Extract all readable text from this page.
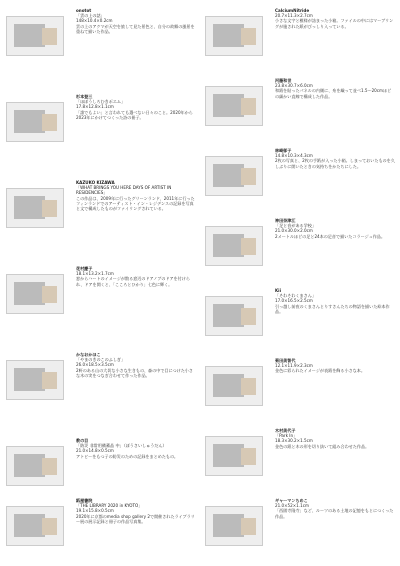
onotot
「雲の上の話」
148×10.4×0.2cm
雲の上のアクマが天空を旅して見た景色と、自分の故郷の風景を重ねて描いた作品。
杉本登三
「ほぼうしろむきポエム」
17.8×12.8×1.1cm
「誰でもよい」と言われても選べない日々のこと。2020年から2023年にかけてつくった詩の冊子。
KAZUKO KIZAWA
「WHAT BRINGS YOU HERE DAYS OF ARTIST IN RESIDENCIES」
この作品は、2009年に行ったグリーンランド、2011年に行ったフィンランドでのアーティスト・イン・レジデンスの記録を写真と文で構成したものがファイリングされている。
花村慶子
18.1×13.2×1.7cm
窓からハートのイメージが散る窓辺のドアノブのドアを付けられ、ドアを開くと、「こころとひかり」七色に輝く。
かなおかほこ
「やまのきのこのふしぎ」
26.0×18.5×3.5cm
2軒のある山の大切な小さな生きもの、森の中で目につけた小さな木の実をつなぎ合わせて作った作品。
教の目
「防災 非常用備蓄品 中」（ぼうさいしゅうだん）
21.0×14.8×0.5cm
アトピーをもつ子の防災のための記録をまとめたもの。
紙屋書院
「THE LIBRARY 2020 in KYOTO」
19.1×15.8×0.5cm
2020年に京都のmedia shop gallery 2で開催されたライブラリー展の展示記録と冊子の作品写真集。
CalciumNitride
20.7×11.3×2.7cm
小さな文字と模様が詰まった小箱。ファイルの中にはマーブリングが施された紙がびっしり入っている。
河藤和世
23.8×30.7×6.0cm
和紙を貼ったパネルの内側に、糸を織って並べ1.5～20cmほどの細かい直線で構成した作品。
林崎郁子
14.8×10.3×4.3cm
2枚の写真と、2枚の手紙が入った小箱。しまっておいたものを久しぶりに開いたときの気持ちをかたちにした。
神田奈津江
「足と音がある学校」
21.0×30.0×2.0cm
2メートルほどの足と24本の足音で描いたコラージュ作品。
Kii
「そわそわくまさん」
17.0×16.5×2.5cm
引っ越し前夜のくまさんとりすさんたちの物語を描いた絵本作品。
菊田美智代
12.1×11.9×2.3cm
金色に彩られたイメージが表紙を飾る小さな本。
木村美代子
「Park In」
18.3×30.2×1.5cm
金色の紙と木の形を切り抜いて組み合わせた作品。
ギャーマンちめこ
21.0×52×1.1cm
「西園寺隆寺」など、ルーツのある土地の記憶をもとにつくった作品。
